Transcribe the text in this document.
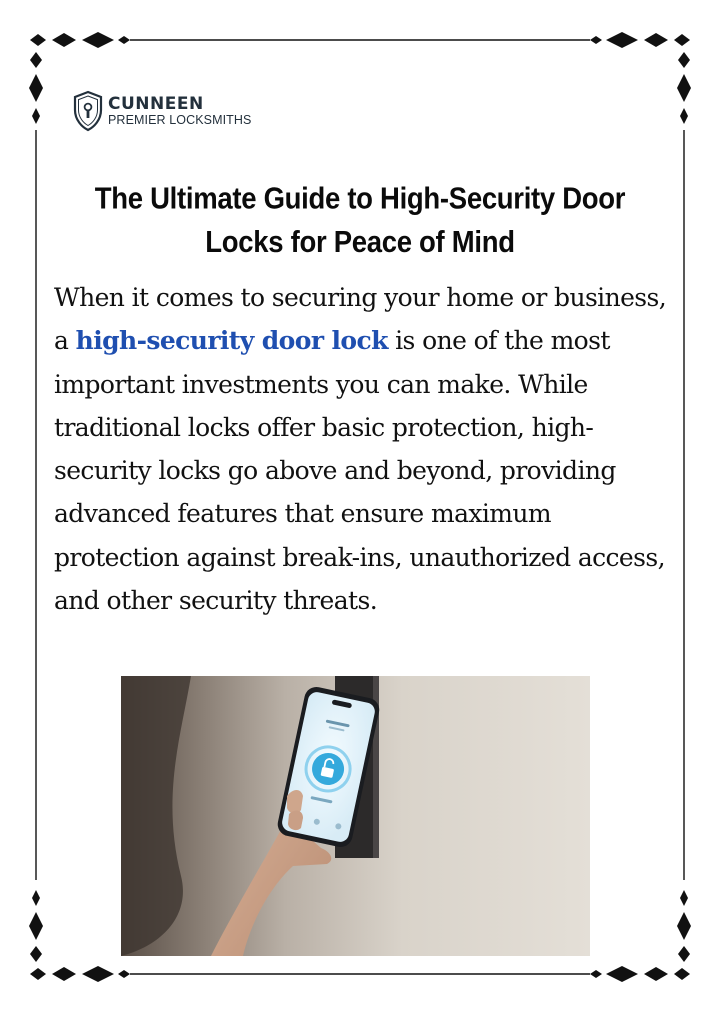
CUNNEEN
PREMIER LOCKSMITHS
The Ultimate Guide to High-Security Door
Locks for Peace of Mind

When it comes to securing your home or business, a high-security door lock is one of the most important investments you can make. While traditional locks offer basic protection, high-security locks go above and beyond, providing advanced features that ensure maximum protection against break-ins, unauthorized access, and other security threats.
